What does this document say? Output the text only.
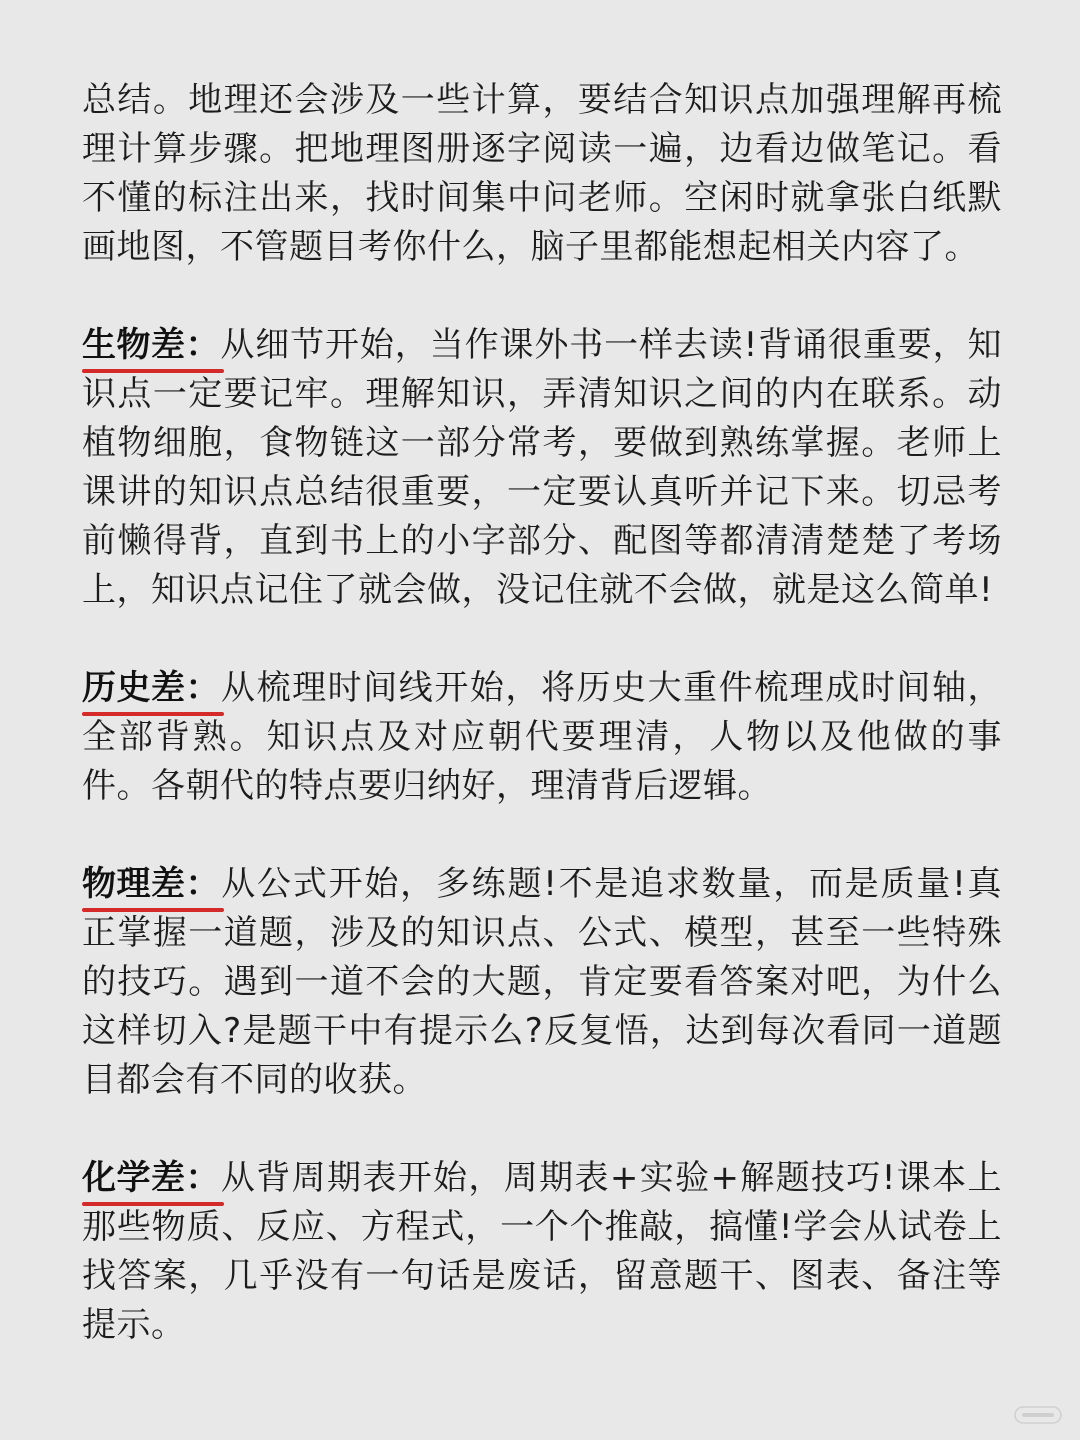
总结。地理还会涉及一些计算，要结合知识点加强理解再梳理计算步骤。把地理图册逐字阅读一遍，边看边做笔记。看不懂的标注出来，找时间集中问老师。空闲时就拿张白纸默画地图，不管题目考你什么，脑子里都能想起相关内容了。

生物差：从细节开始，当作课外书一样去读!背诵很重要，知识点一定要记牢。理解知识，弄清知识之间的内在联系。动植物细胞，食物链这一部分常考，要做到熟练掌握。老师上课讲的知识点总结很重要，一定要认真听并记下来。切忌考前懒得背，直到书上的小字部分、配图等都清清楚楚了考场上，知识点记住了就会做，没记住就不会做，就是这么简单!

历史差：从梳理时间线开始，将历史大重件梳理成时间轴，全部背熟。知识点及对应朝代要理清，人物以及他做的事件。各朝代的特点要归纳好，理清背后逻辑。

物理差：从公式开始，多练题!不是追求数量，而是质量!真正掌握一道题，涉及的知识点、公式、模型，甚至一些特殊的技巧。遇到一道不会的大题，肯定要看答案对吧，为什么这样切入?是题干中有提示么?反复悟，达到每次看同一道题目都会有不同的收获。

化学差：从背周期表开始，周期表+实验+解题技巧!课本上那些物质、反应、方程式，一个个推敲，搞懂!学会从试卷上找答案，几乎没有一句话是废话，留意题干、图表、备注等提示。
